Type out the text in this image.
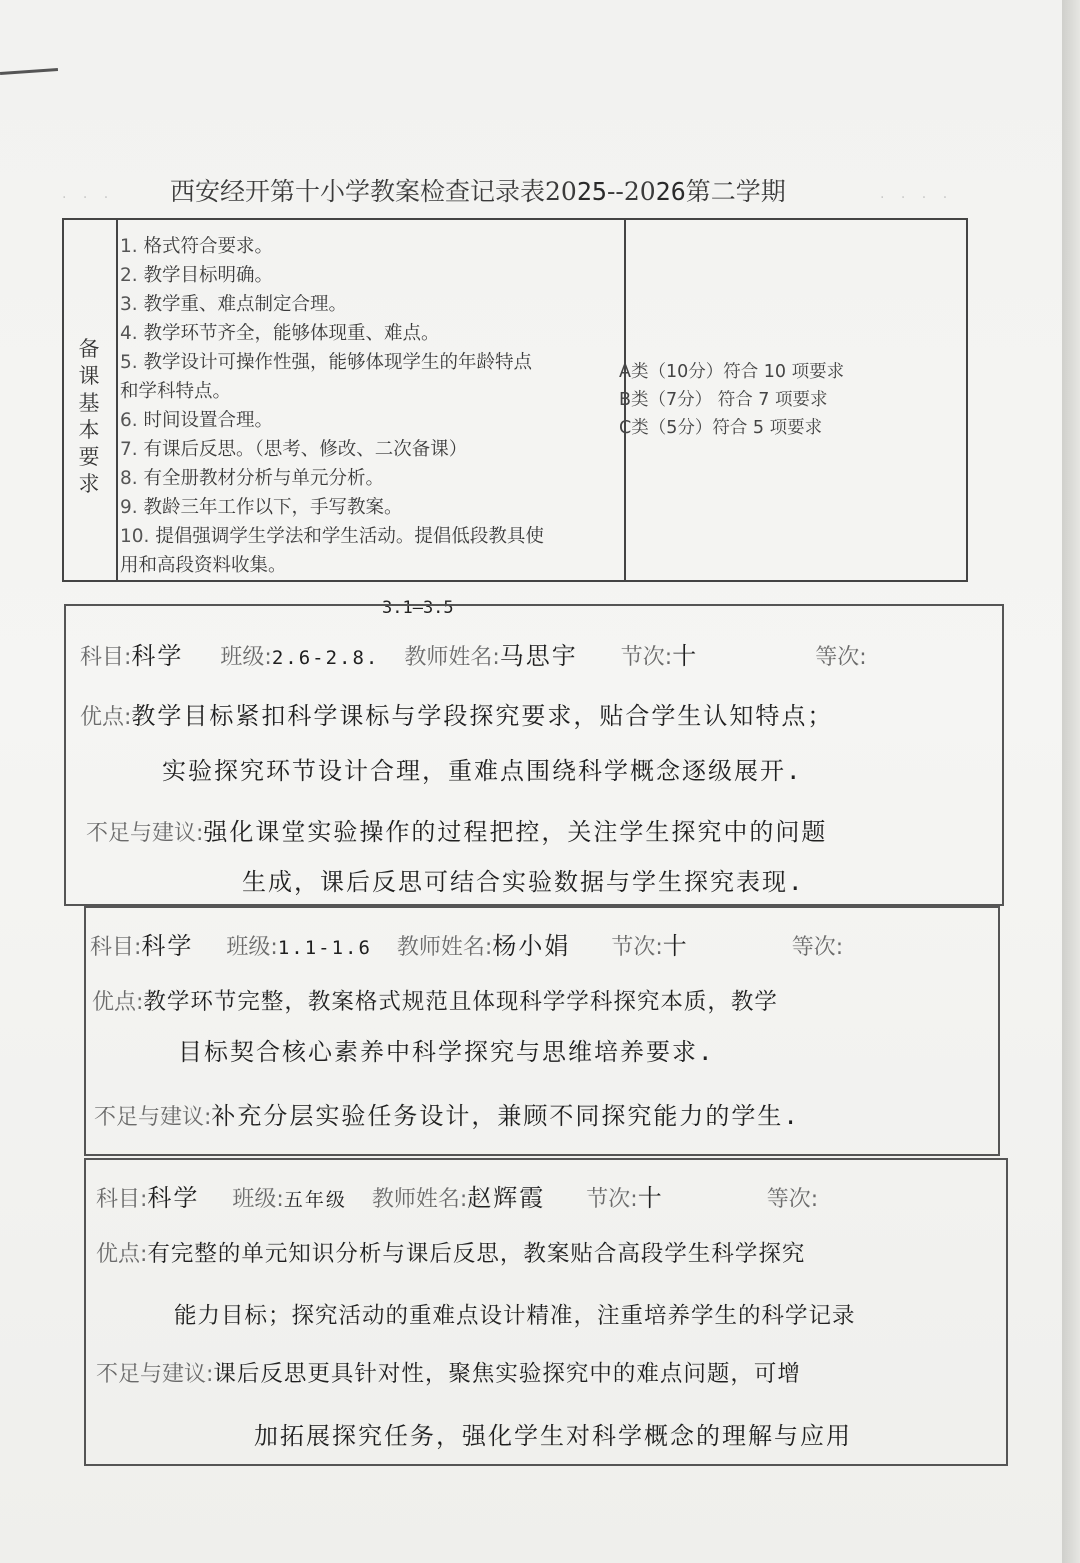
· · ·	· · · ·
西安经开第十小学教案检查记录表2025--2026第二学期
备课基本要求
1. 格式符合要求。
2. 教学目标明确。
3. 教学重、难点制定合理。
4. 教学环节齐全，能够体现重、难点。
5. 教学设计可操作性强，能够体现学生的年龄特点
和学科特点。
6. 时间设置合理。
7. 有课后反思。（思考、修改、二次备课）
8. 有全册教材分析与单元分析。
9. 教龄三年工作以下，手写教案。
10. 提倡强调学生学法和学生活动。提倡低段教具使
用和高段资料收集。
A类（10分）符合 10 项要求
B类（7分） 符合 7 项要求
C类（5分）符合 5 项要求
3.1–3.5
科目:科学 班级:2.6-2.8. 教师姓名:马思宇 节次:十	等次:
优点:教学目标紧扣科学课标与学段探究要求，贴合学生认知特点；
实验探究环节设计合理，重难点围绕科学概念逐级展开.
不足与建议:强化课堂实验操作的过程把控，关注学生探究中的问题
生成，课后反思可结合实验数据与学生探究表现.
科目:科学 班级:1.1-1.6 教师姓名:杨小娟 节次:十	等次:
优点:教学环节完整，教案格式规范且体现科学学科探究本质，教学
目标契合核心素养中科学探究与思维培养要求.
不足与建议:补充分层实验任务设计，兼顾不同探究能力的学生.
科目:科学 班级:五年级 教师姓名:赵辉霞 节次:十	等次:
优点:有完整的单元知识分析与课后反思，教案贴合高段学生科学探究
能力目标；探究活动的重难点设计精准，注重培养学生的科学记录
不足与建议:课后反思更具针对性，聚焦实验探究中的难点问题，可增
加拓展探究任务，强化学生对科学概念的理解与应用
